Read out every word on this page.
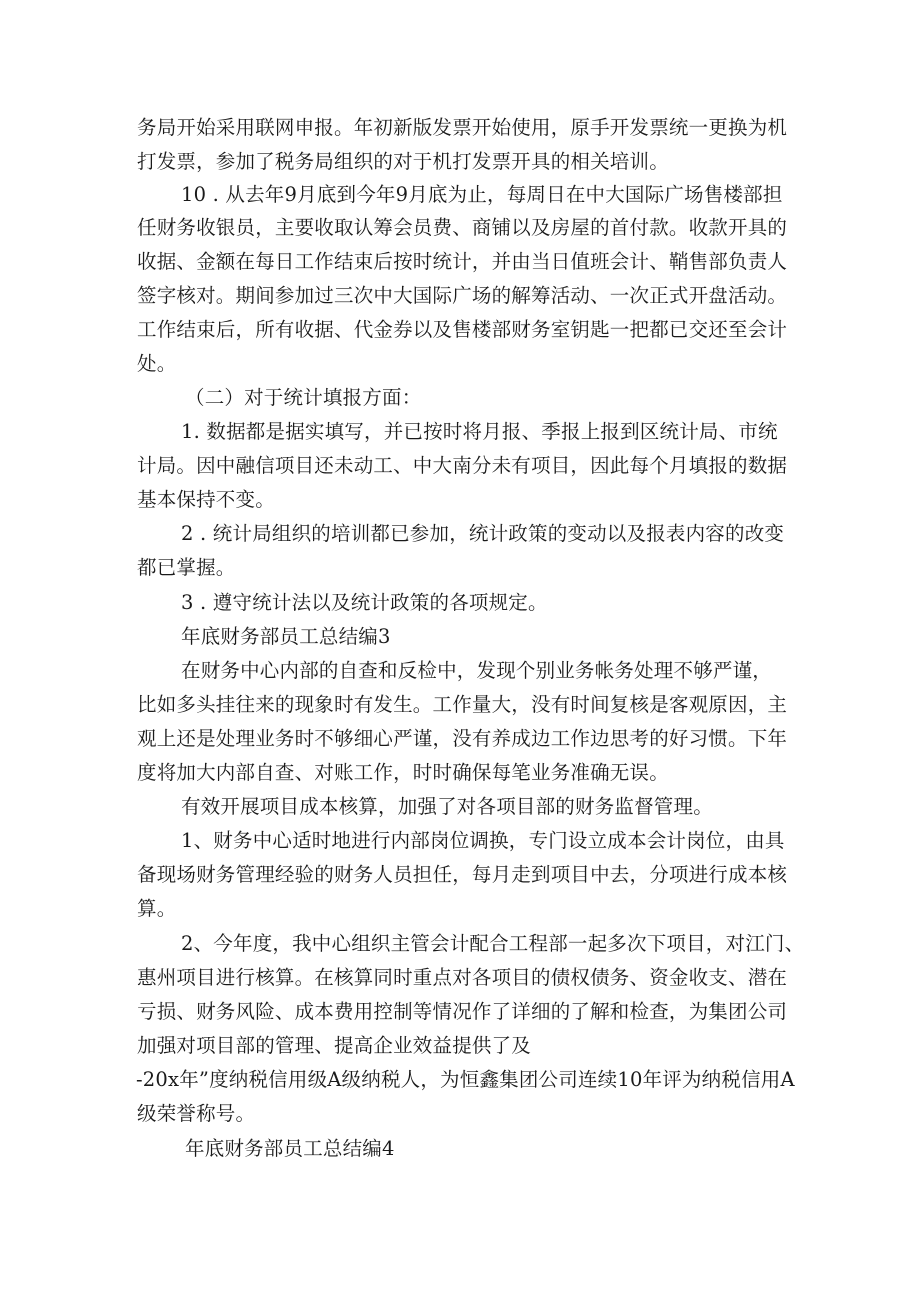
务局开始采用联网申报。年初新版发票开始使用，原手开发票统一更换为机
打发票，参加了税务局组织的对于机打发票开具的相关培训。
10 . 从去年9月底到今年9月底为止，每周日在中大国际广场售楼部担
任财务收银员，主要收取认筹会员费、商铺以及房屋的首付款。收款开具的
收据、金额在每日工作结束后按时统计，并由当日值班会计、鞘售部负责人
签字核对。期间参加过三次中大国际广场的解筹活动、一次正式开盘活动。
工作结束后，所有收据、代金券以及售楼部财务室钥匙一把都已交还至会计
处。
（二）对于统计填报方面：
1. 数据都是据实填写，并已按时将月报、季报上报到区统计局、市统
计局。因中融信项目还未动工、中大南分未有项目，因此每个月填报的数据
基本保持不变。
2 . 统计局组织的培训都已参加，统计政策的变动以及报表内容的改变
都已掌握。
3 . 遵守统计法以及统计政策的各项规定。
年底财务部员工总结编3
在财务中心内部的自查和反检中，发现个别业务帐务处理不够严谨，
比如多头挂往来的现象时有发生。工作量大，没有时间复核是客观原因，主
观上还是处理业务时不够细心严谨，没有养成边工作边思考的好习惯。下年
度将加大内部自查、对账工作，时时确保每笔业务准确无误。
有效开展项目成本核算，加强了对各项目部的财务监督管理。
1、财务中心适时地进行内部岗位调换，专门设立成本会计岗位，由具
备现场财务管理经验的财务人员担任，每月走到项目中去，分项进行成本核
算。
2、今年度，我中心组织主管会计配合工程部一起多次下项目，对江门、
惠州项目进行核算。在核算同时重点对各项目的债权债务、资金收支、潜在
亏损、财务风险、成本费用控制等情况作了详细的了解和检查，为集团公司
加强对项目部的管理、提高企业效益提供了及
-20x年”度纳税信用级A级纳税人，为恒鑫集团公司连续10年评为纳税信用A
级荣誉称号。
年底财务部员工总结编4
